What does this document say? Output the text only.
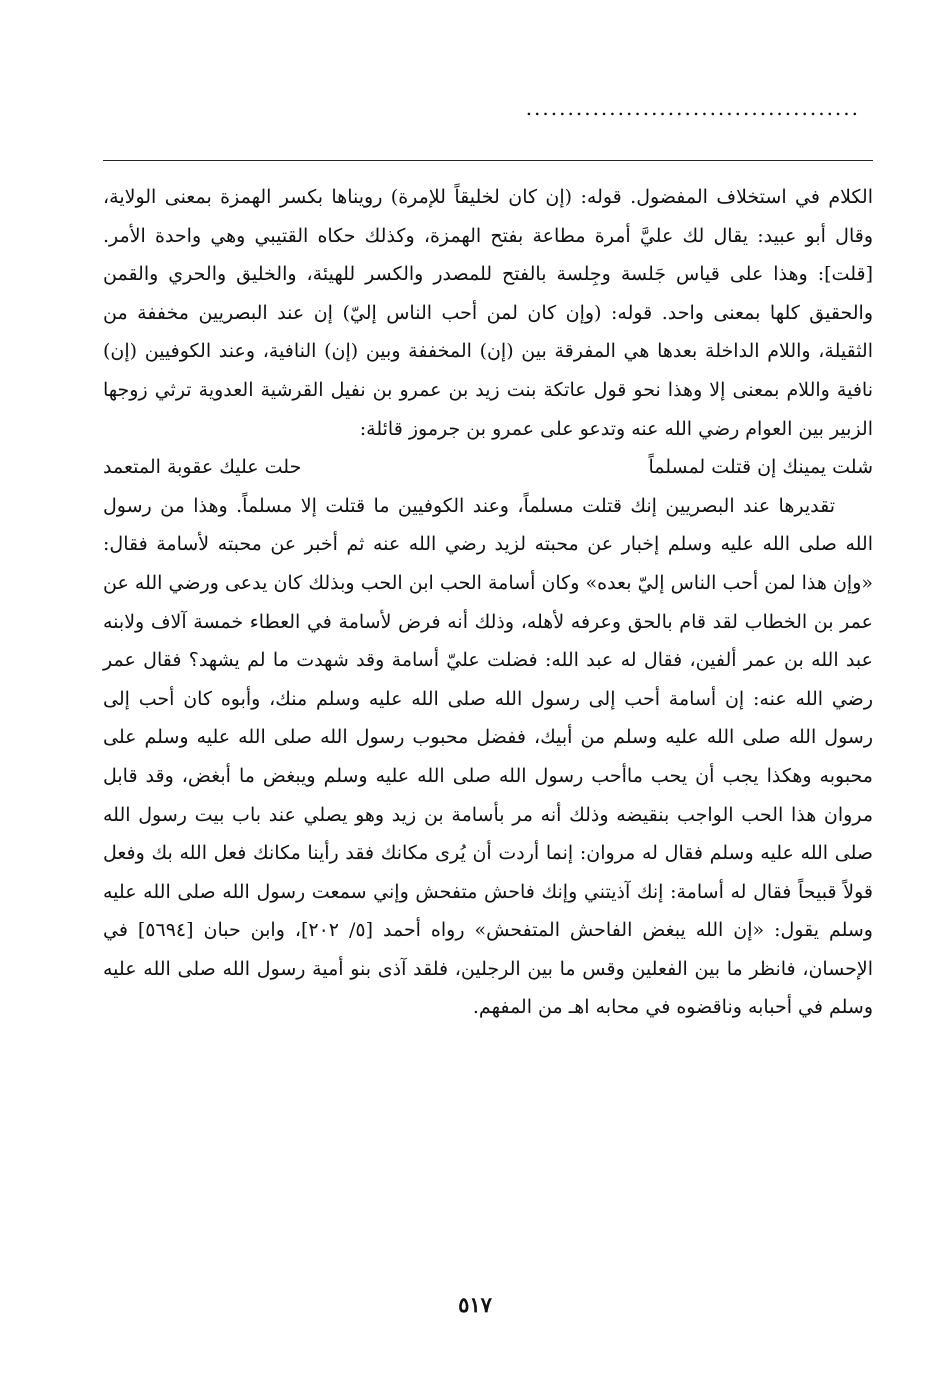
........................................

الكلام في استخلاف المفضول. قوله: (إن كان لخليقاً للإمرة) رويناها بكسر الهمزة بمعنى الولاية، وقال أبو عبيد: يقال لك عليَّ أمرة مطاعة بفتح الهمزة، وكذلك حكاه القتيبي وهي واحدة الأمر. [قلت]: وهذا على قياس جَلسة وجِلسة بالفتح للمصدر والكسر للهيئة، والخليق والحري والقمن والحقيق كلها بمعنى واحد. قوله: (وإن كان لمن أحب الناس إليّ) إن عند البصريين مخففة من الثقيلة، واللام الداخلة بعدها هي المفرقة بين (إن) المخففة وبين (إن) النافية، وعند الكوفيين (إن) نافية واللام بمعنى إلا وهذا نحو قول عاتكة بنت زيد بن عمرو بن نفيل القرشية العدوية ترثي زوجها الزبير بين العوام رضي الله عنه وتدعو على عمرو بن جرموز قائلة:

شلت يمينك إن قتلت لمسلماً
حلت عليك عقوبة المتعمد

تقديرها عند البصريين إنك قتلت مسلماً، وعند الكوفيين ما قتلت إلا مسلماً. وهذا من رسول الله صلى الله عليه وسلم إخبار عن محبته لزيد رضي الله عنه ثم أخبر عن محبته لأسامة فقال: «وإن هذا لمن أحب الناس إليّ بعده» وكان أسامة الحب ابن الحب وبذلك كان يدعى ورضي الله عن عمر بن الخطاب لقد قام بالحق وعرفه لأهله، وذلك أنه فرض لأسامة في العطاء خمسة آلاف ولابنه عبد الله بن عمر ألفين، فقال له عبد الله: فضلت عليّ أسامة وقد شهدت ما لم يشهد؟ فقال عمر رضي الله عنه: إن أسامة أحب إلى رسول الله صلى الله عليه وسلم منك، وأبوه كان أحب إلى رسول الله صلى الله عليه وسلم من أبيك، ففضل محبوب رسول الله صلى الله عليه وسلم على محبوبه وهكذا يجب أن يحب ماأحب رسول الله صلى الله عليه وسلم ويبغض ما أبغض، وقد قابل مروان هذا الحب الواجب بنقيضه وذلك أنه مر بأسامة بن زيد وهو يصلي عند باب بيت رسول الله صلى الله عليه وسلم فقال له مروان: إنما أردت أن يُرى مكانك فقد رأينا مكانك فعل الله بك وفعل قولاً قبيحاً فقال له أسامة: إنك آذيتني وإنك فاحش متفحش وإني سمعت رسول الله صلى الله عليه وسلم يقول: «إن الله يبغض الفاحش المتفحش» رواه أحمد [٥/ ٢٠٢]، وابن حبان [٥٦٩٤] في الإحسان، فانظر ما بين الفعلين وقس ما بين الرجلين، فلقد آذى بنو أمية رسول الله صلى الله عليه وسلم في أحبابه وناقضوه في محابه اهـ من المفهم.

٥١٧
